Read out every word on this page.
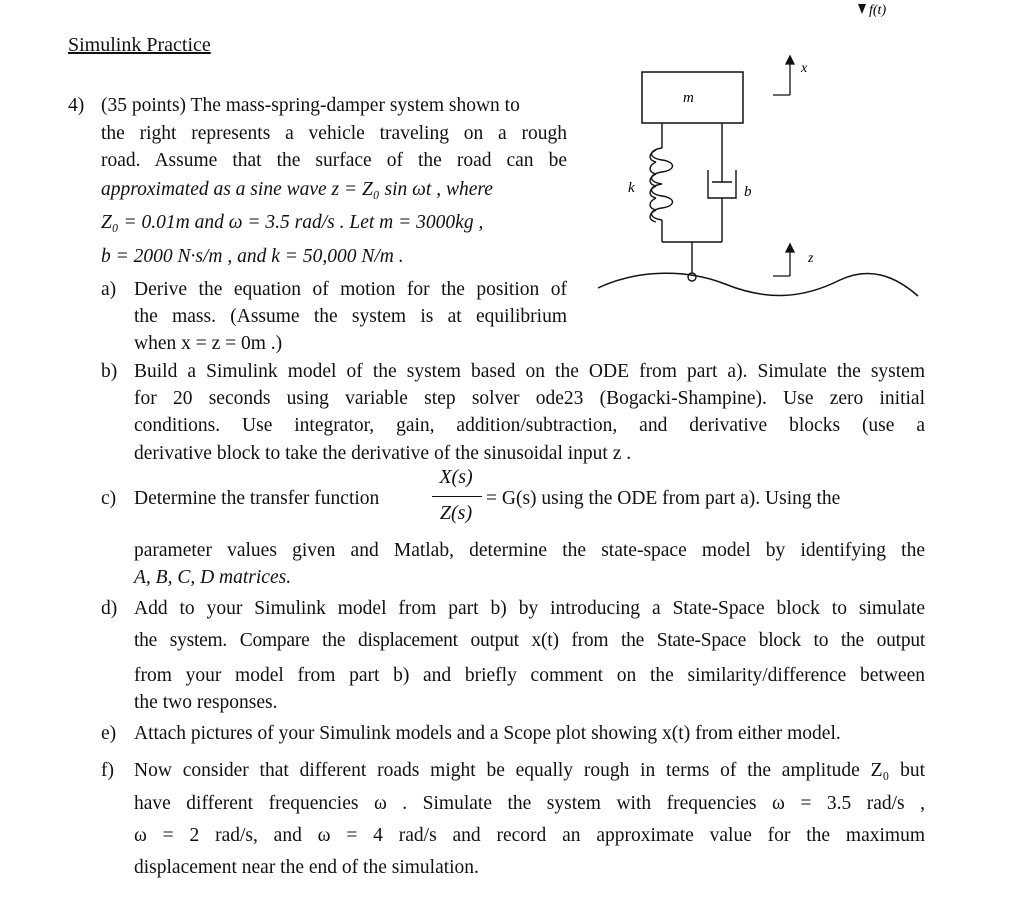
Simulink Practice
4) (35 points) The mass-spring-damper system shown to
the right represents a vehicle traveling on a rough
road. Assume that the surface of the road can be
approximated as a sine wave z = Z₀ sin ωt , where
Z₀ = 0.01m and ω = 3.5 rad/s . Let m = 3000kg ,
b = 2000 N·s/m , and k = 50,000 N/m .
a) Derive the equation of motion for the position of
the mass. (Assume the system is at equilibrium
when x = z = 0m .)
b) Build a Simulink model of the system based on the ODE from part a). Simulate the system
for 20 seconds using variable step solver ode23 (Bogacki-Shampine). Use zero initial
conditions. Use integrator, gain, addition/subtraction, and derivative blocks (use a
derivative block to take the derivative of the sinusoidal input z .
c) Determine the transfer function
X(s)
Z(s)
= G(s) using the ODE from part a). Using the
parameter values given and Matlab, determine the state-space model by identifying the
A, B, C, D matrices.
d) Add to your Simulink model from part b) by introducing a State-Space block to simulate
the system. Compare the displacement output x(t) from the State-Space block to the output
from your model from part b) and briefly comment on the similarity/difference between
the two responses.
e) Attach pictures of your Simulink models and a Scope plot showing x(t) from either model.
f) Now consider that different roads might be equally rough in terms of the amplitude Z₀ but
have different frequencies ω . Simulate the system with frequencies ω = 3.5 rad/s ,
ω = 2 rad/s, and ω = 4 rad/s and record an approximate value for the maximum
displacement near the end of the simulation.
f(t)
m
k	b
x
z
